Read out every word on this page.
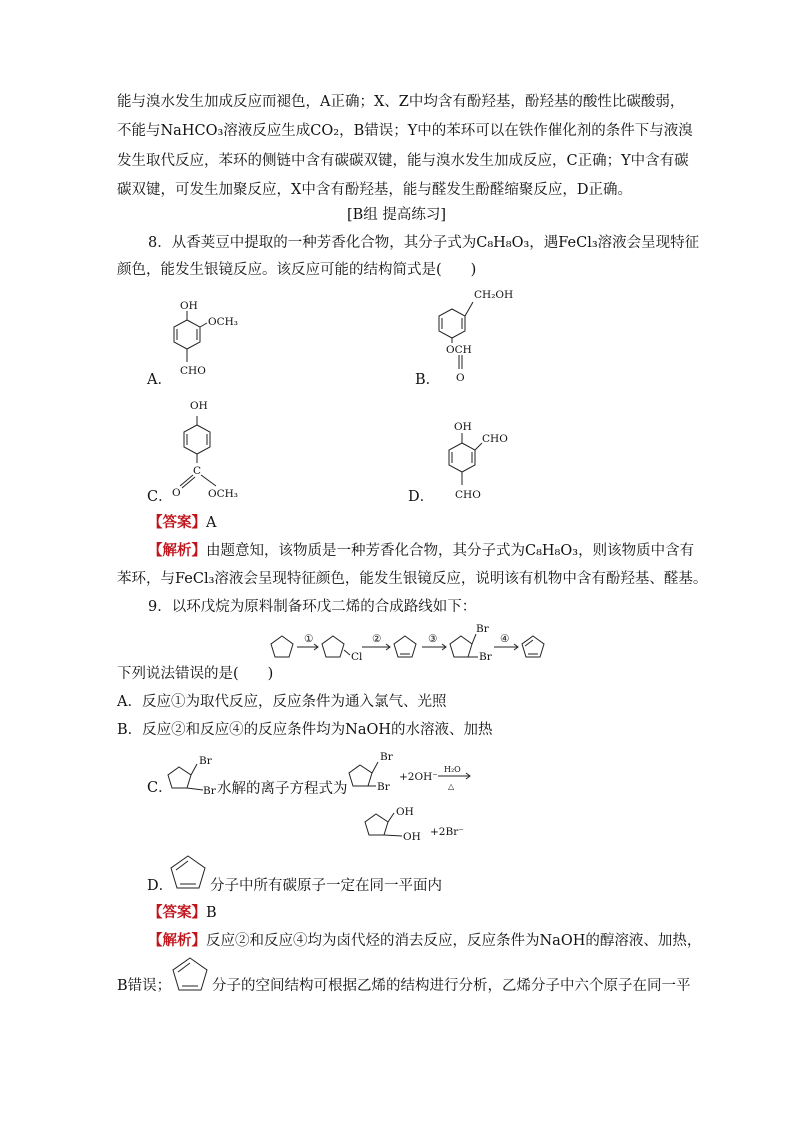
能与溴水发生加成反应而褪色，A正确；X、Z中均含有酚羟基，酚羟基的酸性比碳酸弱，
不能与NaHCO₃溶液反应生成CO₂，B错误；Y中的苯环可以在铁作催化剂的条件下与液溴
发生取代反应，苯环的侧链中含有碳碳双键，能与溴水发生加成反应，C正确；Y中含有碳
碳双键，可发生加聚反应，X中含有酚羟基，能与醛发生酚醛缩聚反应，D正确。
[B组 提高练习]
8．从香荚豆中提取的一种芳香化合物，其分子式为C₈H₈O₃，遇FeCl₃溶液会呈现特征
颜色，能发生银镜反应。该反应可能的结构简式是(　　)
A．
OH
OCH₃
CHO
B．
CH₂OH
OCH
O
C．
OH
C
O	OCH₃	D．
OH
CHO
CHO
【答案】A
【解析】由题意知，该物质是一种芳香化合物，其分子式为C₈H₈O₃，则该物质中含有
苯环，与FeCl₃溶液会呈现特征颜色，能发生银镜反应，说明该有机物中含有酚羟基、醛基。
9．以环戊烷为原料制备环戊二烯的合成路线如下：
①
Cl
②	③
Br
Br
④
下列说法错误的是(　　)
A．反应①为取代反应，反应条件为通入氯气、光照
B．反应②和反应④的反应条件均为NaOH的水溶液、加热
C．
Br
Br 水解的离子方程式为
Br
Br
+2OH⁻
H₂O
△
OH
OH +2Br⁻
D．	分子中所有碳原子一定在同一平面内
【答案】B
【解析】反应②和反应④均为卤代烃的消去反应，反应条件为NaOH的醇溶液、加热，
B错误；	分子的空间结构可根据乙烯的结构进行分析，乙烯分子中六个原子在同一平
